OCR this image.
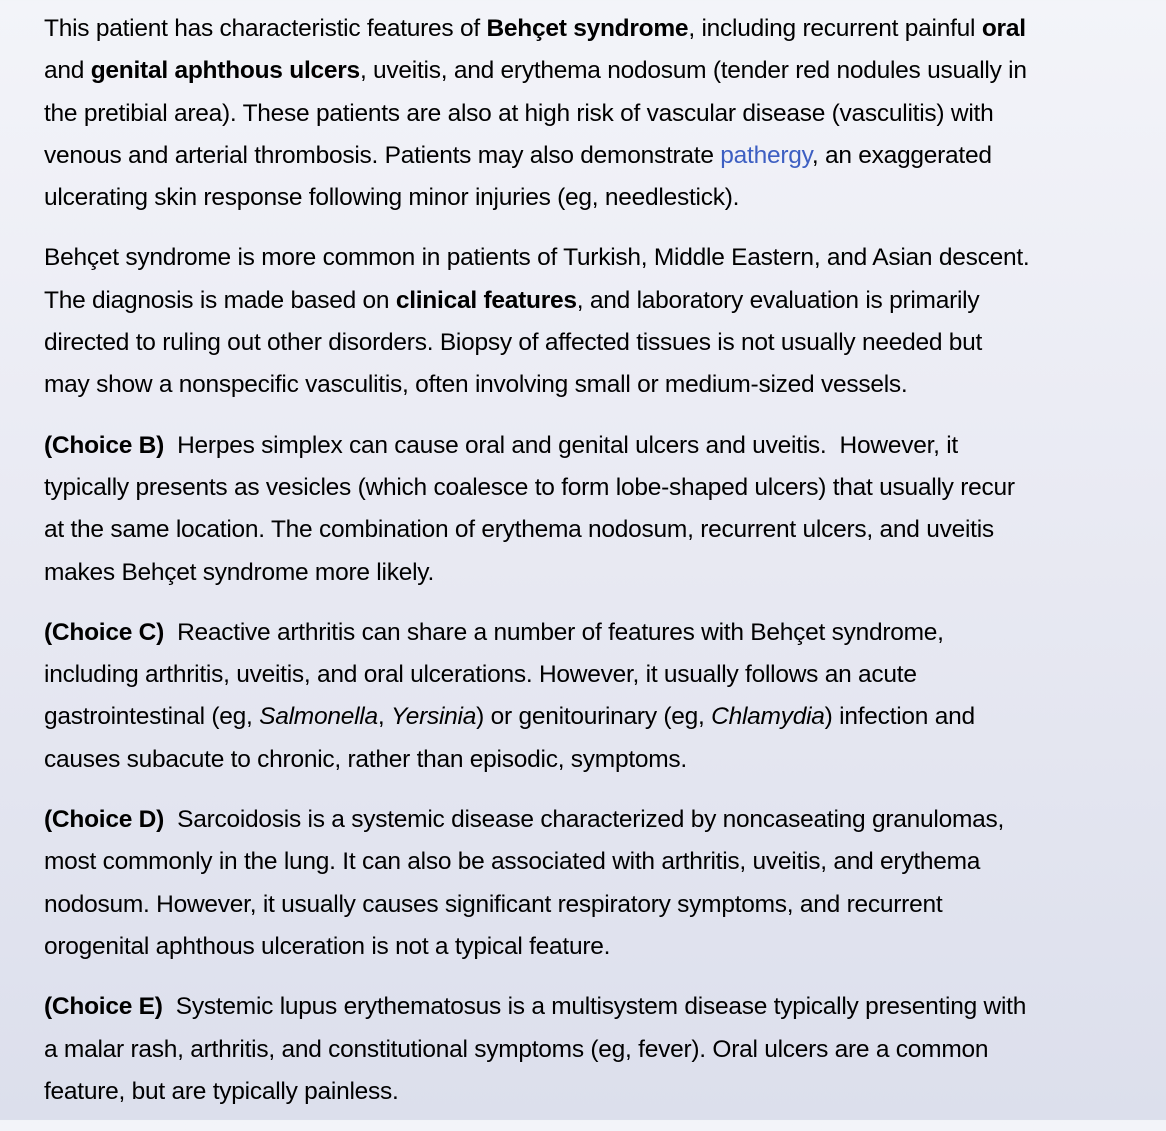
This patient has characteristic features of Behçet syndrome, including recurrent painful oral
and genital aphthous ulcers, uveitis, and erythema nodosum (tender red nodules usually in
the pretibial area). These patients are also at high risk of vascular disease (vasculitis) with
venous and arterial thrombosis. Patients may also demonstrate pathergy, an exaggerated
ulcerating skin response following minor injuries (eg, needlestick).

Behçet syndrome is more common in patients of Turkish, Middle Eastern, and Asian descent.
The diagnosis is made based on clinical features, and laboratory evaluation is primarily
directed to ruling out other disorders. Biopsy of affected tissues is not usually needed but
may show a nonspecific vasculitis, often involving small or medium-sized vessels.

(Choice B)  Herpes simplex can cause oral and genital ulcers and uveitis.  However, it
typically presents as vesicles (which coalesce to form lobe-shaped ulcers) that usually recur
at the same location. The combination of erythema nodosum, recurrent ulcers, and uveitis
makes Behçet syndrome more likely.

(Choice C)  Reactive arthritis can share a number of features with Behçet syndrome,
including arthritis, uveitis, and oral ulcerations. However, it usually follows an acute
gastrointestinal (eg, Salmonella, Yersinia) or genitourinary (eg, Chlamydia) infection and
causes subacute to chronic, rather than episodic, symptoms.

(Choice D)  Sarcoidosis is a systemic disease characterized by noncaseating granulomas,
most commonly in the lung. It can also be associated with arthritis, uveitis, and erythema
nodosum. However, it usually causes significant respiratory symptoms, and recurrent
orogenital aphthous ulceration is not a typical feature.

(Choice E)  Systemic lupus erythematosus is a multisystem disease typically presenting with
a malar rash, arthritis, and constitutional symptoms (eg, fever). Oral ulcers are a common
feature, but are typically painless.
